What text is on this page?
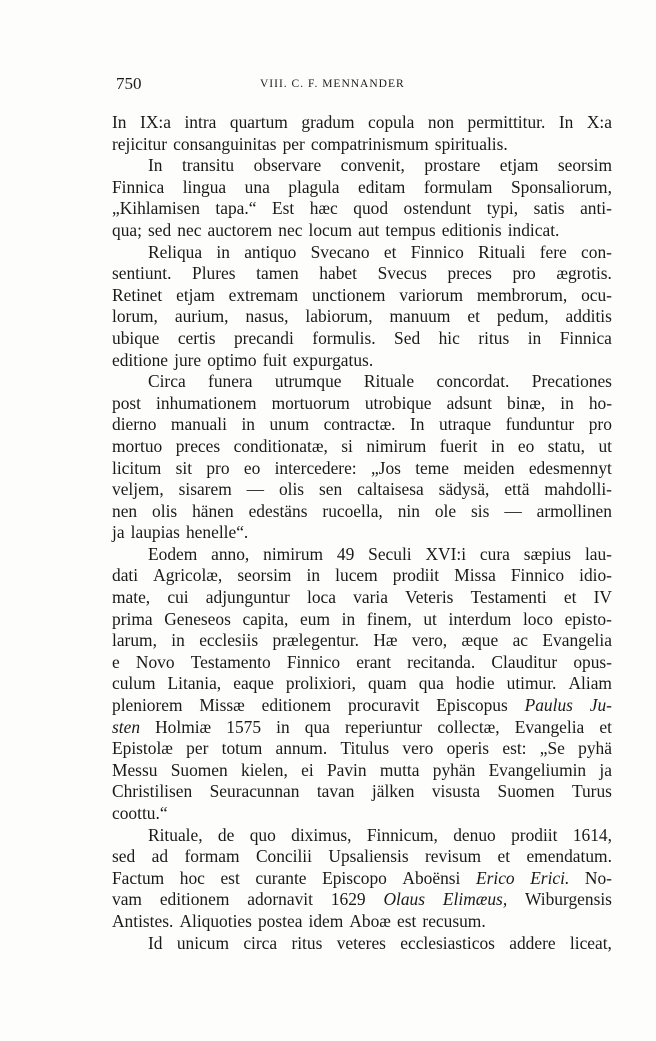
750	VIII. C. F. MENNANDER
In IX:a intra quartum gradum copula non permittitur. In X:a
rejicitur consanguinitas per compatrinismum spiritualis.
In transitu observare convenit, prostare etjam seorsim
Finnica lingua una plagula editam formulam Sponsaliorum,
„Kihlamisen tapa.“ Est hæc quod ostendunt typi, satis anti-
qua; sed nec auctorem nec locum aut tempus editionis indicat.
Reliqua in antiquo Svecano et Finnico Rituali fere con-
sentiunt. Plures tamen habet Svecus preces pro ægrotis.
Retinet etjam extremam unctionem variorum membrorum, ocu-
lorum, aurium, nasus, labiorum, manuum et pedum, additis
ubique certis precandi formulis. Sed hic ritus in Finnica
editione jure optimo fuit expurgatus.
Circa funera utrumque Rituale concordat. Precationes
post inhumationem mortuorum utrobique adsunt binæ, in ho-
dierno manuali in unum contractæ. In utraque funduntur pro
mortuo preces conditionatæ, si nimirum fuerit in eo statu, ut
licitum sit pro eo intercedere: „Jos teme meiden edesmennyt
veljem, sisarem — olis sen caltaisesa sädysä, että mahdolli-
nen olis hänen edestäns rucoella, nin ole sis — armollinen
ja laupias henelle“.
Eodem anno, nimirum 49 Seculi XVI:i cura sæpius lau-
dati Agricolæ, seorsim in lucem prodiit Missa Finnico idio-
mate, cui adjunguntur loca varia Veteris Testamenti et IV
prima Geneseos capita, eum in finem, ut interdum loco episto-
larum, in ecclesiis prælegentur. Hæ vero, æque ac Evangelia
e Novo Testamento Finnico erant recitanda. Clauditur opus-
culum Litania, eaque prolixiori, quam qua hodie utimur. Aliam
pleniorem Missæ editionem procuravit Episcopus Paulus Ju-
sten Holmiæ 1575 in qua reperiuntur collectæ, Evangelia et
Epistolæ per totum annum. Titulus vero operis est: „Se pyhä
Messu Suomen kielen, ei Pavin mutta pyhän Evangeliumin ja
Christilisen Seuracunnan tavan jälken visusta Suomen Turus
coottu.“
Rituale, de quo diximus, Finnicum, denuo prodiit 1614,
sed ad formam Concilii Upsaliensis revisum et emendatum.
Factum hoc est curante Episcopo Aboënsi Erico Erici. No-
vam editionem adornavit 1629 Olaus Elimæus, Wiburgensis
Antistes. Aliquoties postea idem Aboæ est recusum.
Id unicum circa ritus veteres ecclesiasticos addere liceat,
